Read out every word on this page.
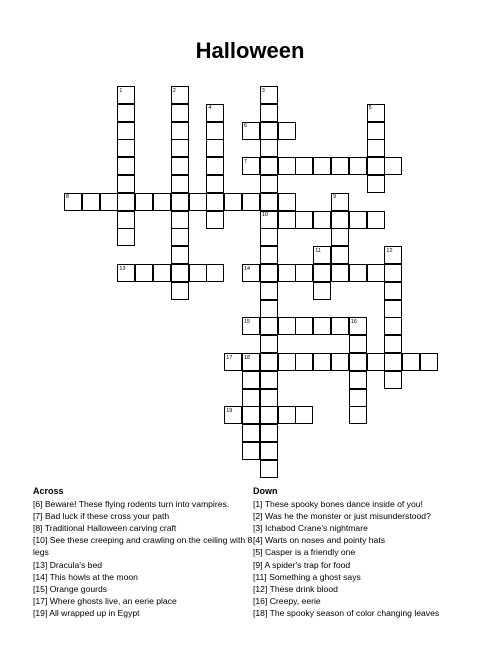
Halloween
1	2	3
4	5
6
7
8	9
10
11	12
13	14
15	16
17 18
19
Across
[6] Beware! These flying rodents turn into vampires.
[7] Bad luck if these cross your path
[8] Traditional Halloween carving craft
[10] See these creeping and crawling on the ceiling with 8 legs
[13] Dracula's bed
[14] This howls at the moon
[15] Orange gourds
[17] Where ghosts live, an eerie place
[19] All wrapped up in Egypt
Down
[1] These spooky bones dance inside of you!
[2] Was he the monster or just misunderstood?
[3] Ichabod Crane's nightmare
[4] Warts on noses and pointy hats
[5] Casper is a friendly one
[9] A spider's trap for food
[11] Something a ghost says
[12] These drink blood
[16] Creepy, eerie
[18] The spooky season of color changing leaves
